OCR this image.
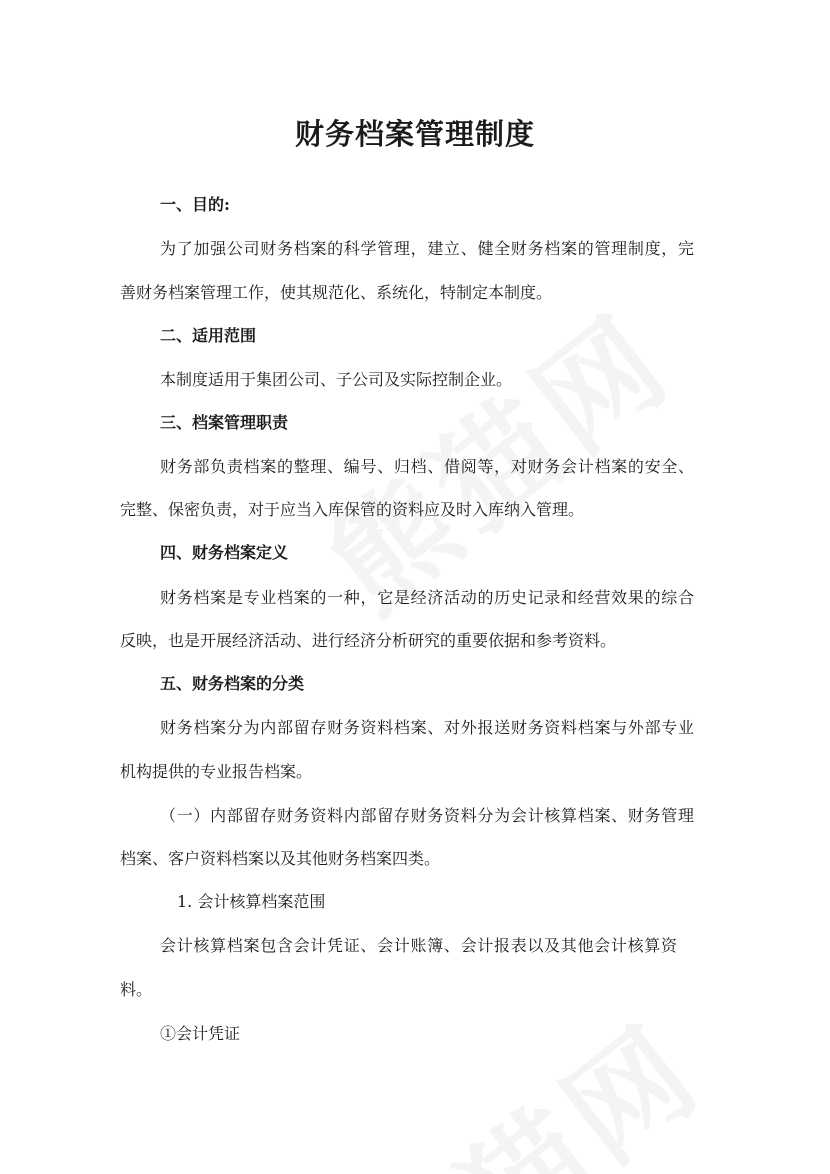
财务档案管理制度
一、目的:
为了加强公司财务档案的科学管理，建立、健全财务档案的管理制度，完
善财务档案管理工作，使其规范化、系统化，特制定本制度。
二、适用范围
本制度适用于集团公司、子公司及实际控制企业。
三、档案管理职责
财务部负责档案的整理、编号、归档、借阅等，对财务会计档案的安全、
完整、保密负责，对于应当入库保管的资料应及时入库纳入管理。
四、财务档案定义
财务档案是专业档案的一种，它是经济活动的历史记录和经营效果的综合
反映，也是开展经济活动、进行经济分析研究的重要依据和参考资料。
五、财务档案的分类
财务档案分为内部留存财务资料档案、对外报送财务资料档案与外部专业
机构提供的专业报告档案。
（一）内部留存财务资料内部留存财务资料分为会计核算档案、财务管理
档案、客户资料档案以及其他财务档案四类。
1. 会计核算档案范围
会计核算档案包含会计凭证、会计账簿、会计报表以及其他会计核算资
料。
①会计凭证
